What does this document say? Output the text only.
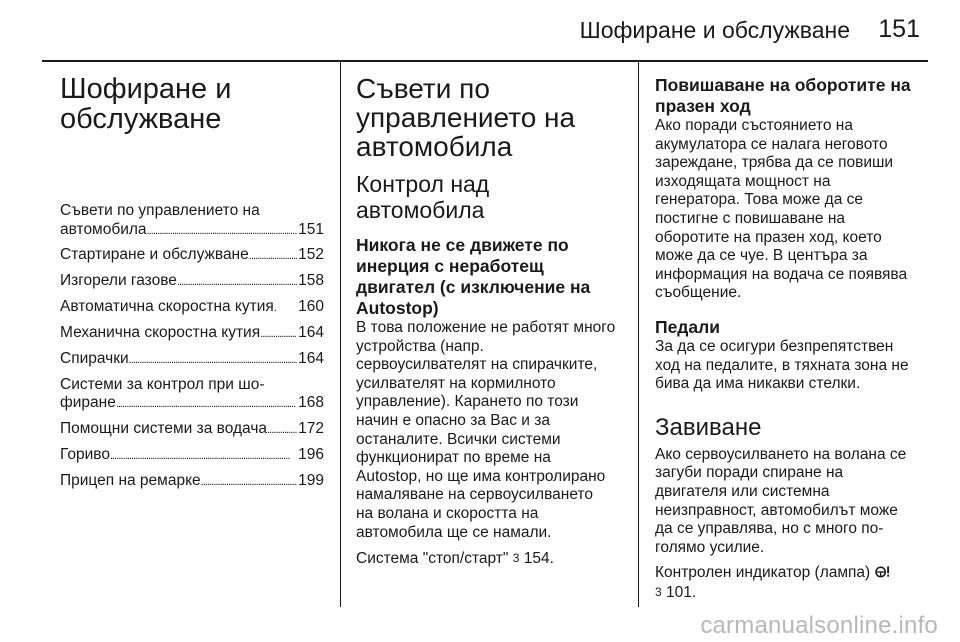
Шофиране и обслужване 151
Шофиране и
обслужване
Съвети по управлението на
автомобила . . .	151
Стартиране и обслужване . . .	152
Изгорели газове . . .	158
Автоматична скоростна кутия . 160
Механична скоростна кутия . . . 164
Спирачки . . .	164
Системи за контрол при шо-
фиране . . .	168
Помощни системи за водача . . . 172
Гориво . . .	196
Прицеп на ремарке . . .	199
Съвети по
управлението на
автомобила
Контрол над автомобила
Никога не се движете по
инерция с неработещ
двигател (с изключение на
Autostop)
В това положение не работят много
устройства (напр.
сервоусилвателят на спирачките,
усилвателят на кормилното
управление). Карането по този
начин е опасно за Вас и за
останалите. Всички системи
функционират по време на
Autostop, но ще има контролирано
намаляване на сервоусилването
на волана и скоростта на
автомобила ще се намали.
Система "стоп/старт" 3 154.
Повишаване на оборотите на
празен ход
Ако поради състоянието на
акумулатора се налага неговото
зареждане, трябва да се повиши
изходящата мощност на
генератора. Това може да се
постигне с повишаване на
оборотите на празен ход, което
може да се чуе. В центъра за
информация на водача се появява
съобщение.
Педали
За да се осигури безпрепятствен
ход на педалите, в тяхната зона не
бива да има никакви стелки.
Завиване
Ако сервоусилването на волана се
загуби поради спиране на
двигателя или системна
неизправност, автомобилът може
да се управлява, но с много по-
голямо усилие.
Контролен индикатор (лампа)
3 101.
carmanualsonline.info
